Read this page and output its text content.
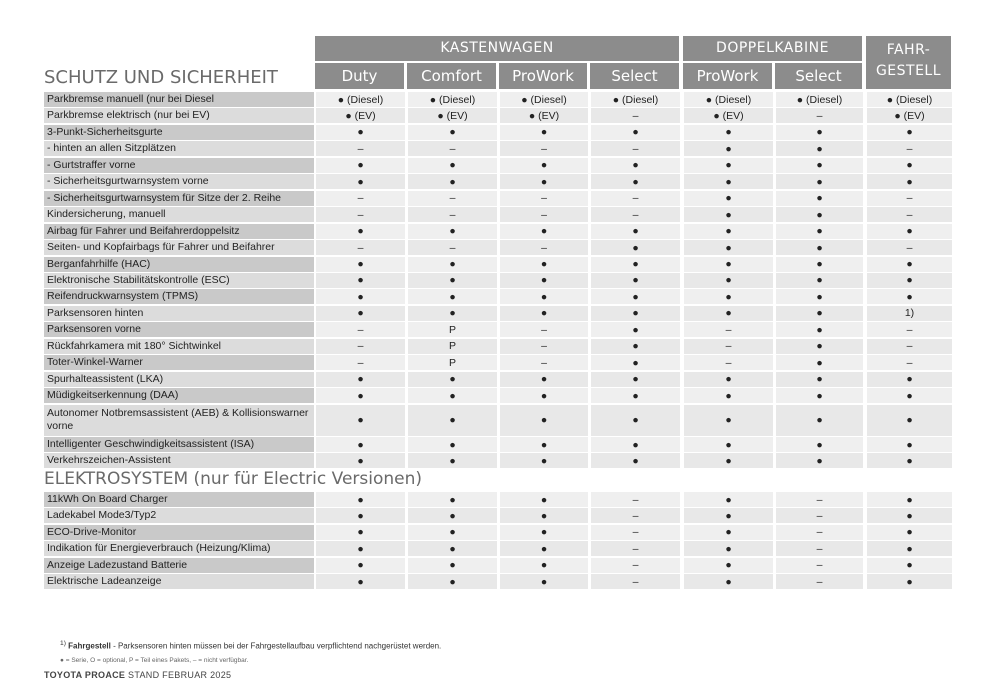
KASTENWAGEN	DOPPELKABINE	FAHR-
GESTELL
Duty	Comfort	ProWork	Select	ProWork	Select
SCHUTZ UND SICHERHEIT
Parkbremse manuell (nur bei Diesel	● (Diesel)	● (Diesel)	● (Diesel)	● (Diesel)	● (Diesel)	● (Diesel)	● (Diesel)
Parkbremse elektrisch (nur bei EV)	● (EV)	● (EV)	● (EV)	–	● (EV)	–	● (EV)
3-Punkt-Sicherheitsgurte	●	●	●	●	●	●	●
- hinten an allen Sitzplätzen	–	–	–	–	●	●	–
- Gurtstraffer vorne	●	●	●	●	●	●	●
- Sicherheitsgurtwarnsystem vorne	●	●	●	●	●	●	●
- Sicherheitsgurtwarnsystem für Sitze der 2. Reihe	–	–	–	–	●	●	–
Kindersicherung, manuell	–	–	–	–	●	●	–
Airbag für Fahrer und Beifahrerdoppelsitz	●	●	●	●	●	●	●
Seiten- und Kopfairbags für Fahrer und Beifahrer	–	–	–	●	●	●	–
Berganfahrhilfe (HAC)	●	●	●	●	●	●	●
Elektronische Stabilitätskontrolle (ESC)	●	●	●	●	●	●	●
Reifendruckwarnsystem (TPMS)	●	●	●	●	●	●	●
Parksensoren hinten	●	●	●	●	●	●	1)
Parksensoren vorne	–	P	–	●	–	●	–
Rückfahrkamera mit 180° Sichtwinkel	–	P	–	●	–	●	–
Toter-Winkel-Warner	–	P	–	●	–	●	–
Spurhalteassistent (LKA)	●	●	●	●	●	●	●
Müdigkeitserkennung (DAA)	●	●	●	●	●	●	●
Autonomer Notbremsassistent (AEB) & Kollisionswarner vorne	●	●	●	●	●	●	●
Intelligenter Geschwindigkeitsassistent (ISA)	●	●	●	●	●	●	●
Verkehrszeichen-Assistent	●	●	●	●	●	●	●
ELEKTROSYSTEM (nur für Electric Versionen)
11kWh On Board Charger	●	●	●	–	●	–	●
Ladekabel Mode3/Typ2	●	●	●	–	●	–	●
ECO-Drive-Monitor	●	●	●	–	●	–	●
Indikation für Energieverbrauch (Heizung/Klima)	●	●	●	–	●	–	●
Anzeige Ladezustand Batterie	●	●	●	–	●	–	●
Elektrische Ladeanzeige	●	●	●	–	●	–	●
$^{1)}$ Fahrgestell - Parksensoren hinten müssen bei der Fahrgestellaufbau verpflichtend nachgerüstet werden.
● = Serie, O = optional, P = Teil eines Pakets, – = nicht verfügbar.
TOYOTA PROACE STAND FEBRUAR 2025
